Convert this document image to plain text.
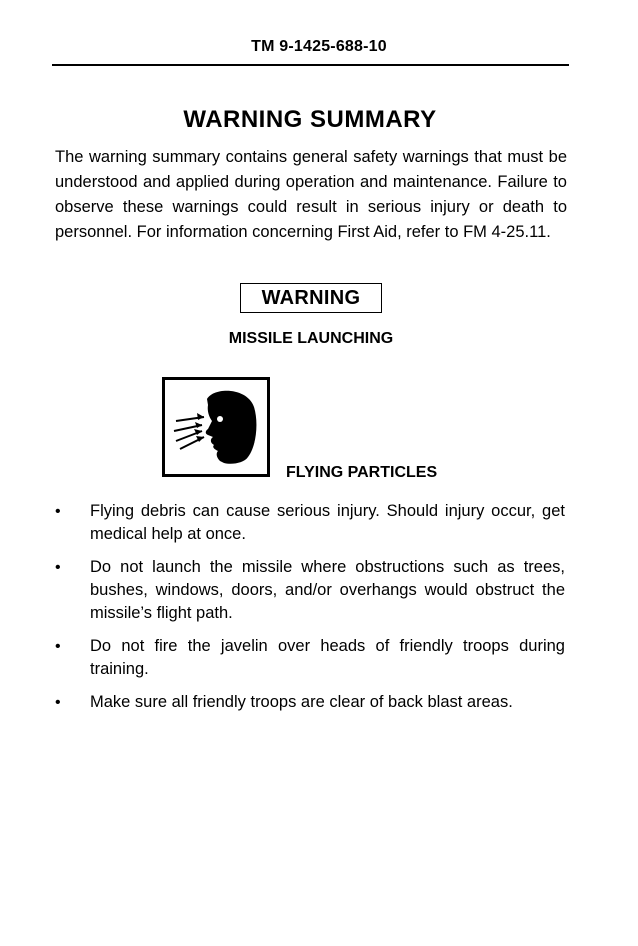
TM 9-1425-688-10
WARNING SUMMARY

The warning summary contains general safety warnings that must be understood and applied during operation and maintenance. Failure to observe these warnings could result in serious injury or death to personnel. For information concerning First Aid, refer to FM 4-25.11.

WARNING
MISSILE LAUNCHING
FLYING PARTICLES
•	Flying debris can cause serious injury. Should injury occur, get medical help at once.
•	Do not launch the missile where obstructions such as trees, bushes, windows, doors, and/or overhangs would obstruct the missile’s flight path.
•	Do not fire the javelin over heads of friendly troops during training.
•	Make sure all friendly troops are clear of back blast areas.
